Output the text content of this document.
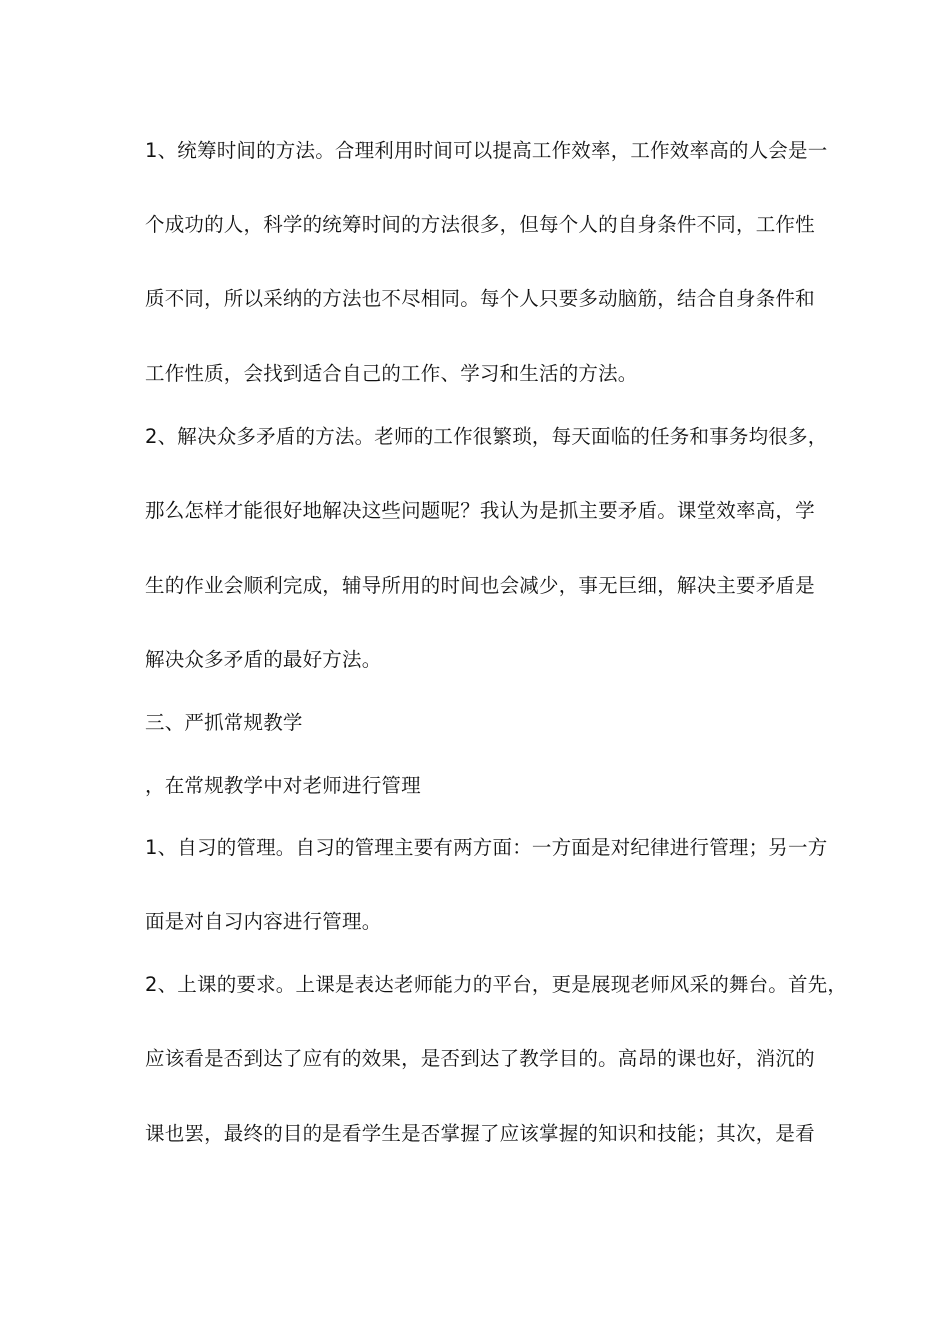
1、统筹时间的方法。合理利用时间可以提高工作效率，工作效率高的人会是一
个成功的人，科学的统筹时间的方法很多，但每个人的自身条件不同，工作性
质不同，所以采纳的方法也不尽相同。每个人只要多动脑筋，结合自身条件和
工作性质，会找到适合自己的工作、学习和生活的方法。
2、解决众多矛盾的方法。老师的工作很繁琐，每天面临的任务和事务均很多，
那么怎样才能很好地解决这些问题呢？我认为是抓主要矛盾。课堂效率高，学
生的作业会顺利完成，辅导所用的时间也会减少，事无巨细，解决主要矛盾是
解决众多矛盾的最好方法。
三、严抓常规教学
，在常规教学中对老师进行管理
1、自习的管理。自习的管理主要有两方面：一方面是对纪律进行管理；另一方
面是对自习内容进行管理。
2、上课的要求。上课是表达老师能力的平台，更是展现老师风采的舞台。首先，
应该看是否到达了应有的效果，是否到达了教学目的。高昂的课也好，消沉的
课也罢，最终的目的是看学生是否掌握了应该掌握的知识和技能；其次，是看
